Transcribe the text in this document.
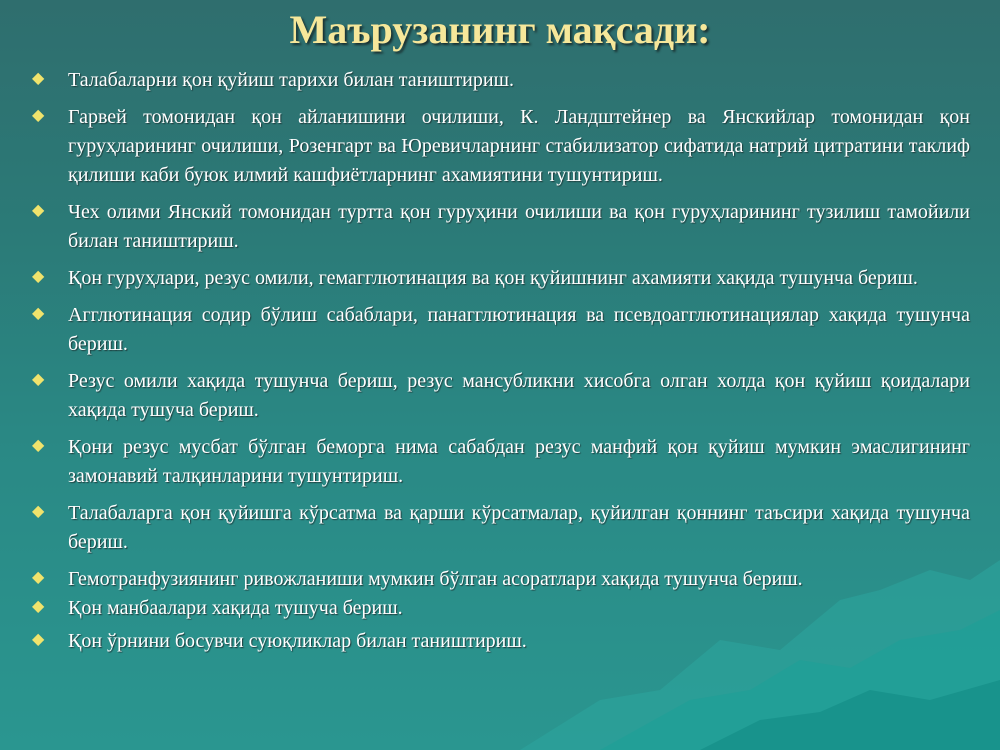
Маърузанинг мақсади:
◆ Талабаларни қон қуйиш тарихи билан таништириш.
◆ Гарвей томонидан қон айланишини очилиши, К. Ландштейнер ва Янскийлар томонидан қон гуруҳларининг очилиши, Розенгарт ва Юревичларнинг стабилизатор сифатида натрий цитратини таклиф қилиши каби буюк илмий кашфиётларнинг ахамиятини тушунтириш.
◆ Чех олими Янский томонидан туртта қон гуруҳини очилиши ва қон гуруҳларининг тузилиш тамойили билан таништириш.
◆ Қон гуруҳлари, резус омили, гемагглютинация ва қон қуйишнинг ахамияти хақида тушунча бериш.
◆ Агглютинация содир бўлиш сабаблари, панагглютинация ва псевдоагглютинациялар хақида тушунча бериш.
◆ Резус омили хақида тушунча бериш, резус мансубликни хисобга олган холда қон қуйиш қоидалари хақида тушуча бериш.
◆ Қони резус мусбат бўлган беморга нима сабабдан резус манфий қон қуйиш мумкин эмаслигининг замонавий талқинларини тушунтириш.
◆ Талабаларга қон қуйишга кўрсатма ва қарши кўрсатмалар, қуйилган қоннинг таъсири хақида тушунча бериш.
◆ Гемотранфузиянинг ривожланиши мумкин бўлган асоратлари хақида тушунча бериш.
◆ Қон манбаалари хақида тушуча бериш.
◆ Қон ўрнини босувчи суюқликлар билан таништириш.
